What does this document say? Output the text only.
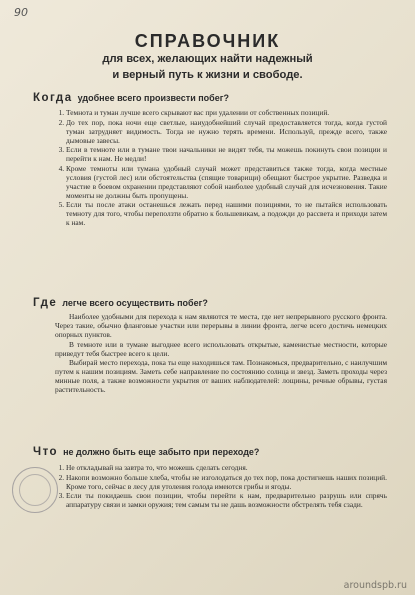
90
СПРАВОЧНИК
для всех, желающих найти надежный
и верный путь к жизни и свободе.
Когда удобнее всего произвести побег?
1. Темнота и туман лучше всего скрывают вас при удалении от собственных позиций.
2. До тех пор, пока ночи еще светлые, наиудобнейший случай предоставляется тогда, когда густой туман затрудняет видимость. Тогда не нужно терять времени. Используй, прежде всего, также дымовые завесы.
3. Если в темноте или в тумане твои начальники не видят тебя, ты можешь покинуть свои позиции и перейти к нам. Не медли!
4. Кроме темноты или тумана удобный случай может представиться также тогда, когда местные условия (густой лес) или обстоятельства (спящие товарищи) обещают быстрое укрытие. Разведка и участие в боевом охранении представляют собой наиболее удобный случай для исчезновения. Такие моменты не должны быть пропущены.
5. Если ты после атаки останешься лежать перед нашими позициями, то не пытайся использовать темноту для того, чтобы переползти обратно к большевикам, а подожди до рассвета и приходи затем к нам.
Где легче всего осуществить побег?

Наиболее удобными для перехода к нам являются те места, где нет непрерывного русского фронта. Через такие, обычно фланговые участки или перерывы в линии фронта, легче всего достичь немецких опорных пунктов.

В темноте или в тумане выгоднее всего использовать открытые, каменистые местности, которые приведут тебя быстрее всего к цели.

Выбирай место перехода, пока ты еще находишься там. Познакомься, предварительно, с наилучшим путем к нашим позициям. Заметь себе направление по состоянию солнца и звезд. Заметь проходы через минные поля, а также возможности укрытия от ваших наблюдателей: лощины, речные обрывы, густая растительность.

Что не должно быть еще забыто при переходе?
1. Не откладывай на завтра то, что можешь сделать сегодня.
2. Накопи возможно больше хлеба, чтобы не изголодаться до тех пор, пока достигнешь наших позиций. Кроме того, сейчас в лесу для утоления голода имеются грибы и ягоды.
3. Если ты покидаешь свои позиции, чтобы перейти к нам, предварительно разрушь или спрячь аппаратуру связи и замки оружия; тем самым ты не дашь возможности обстрелять тебя сзади.
aroundspb.ru
